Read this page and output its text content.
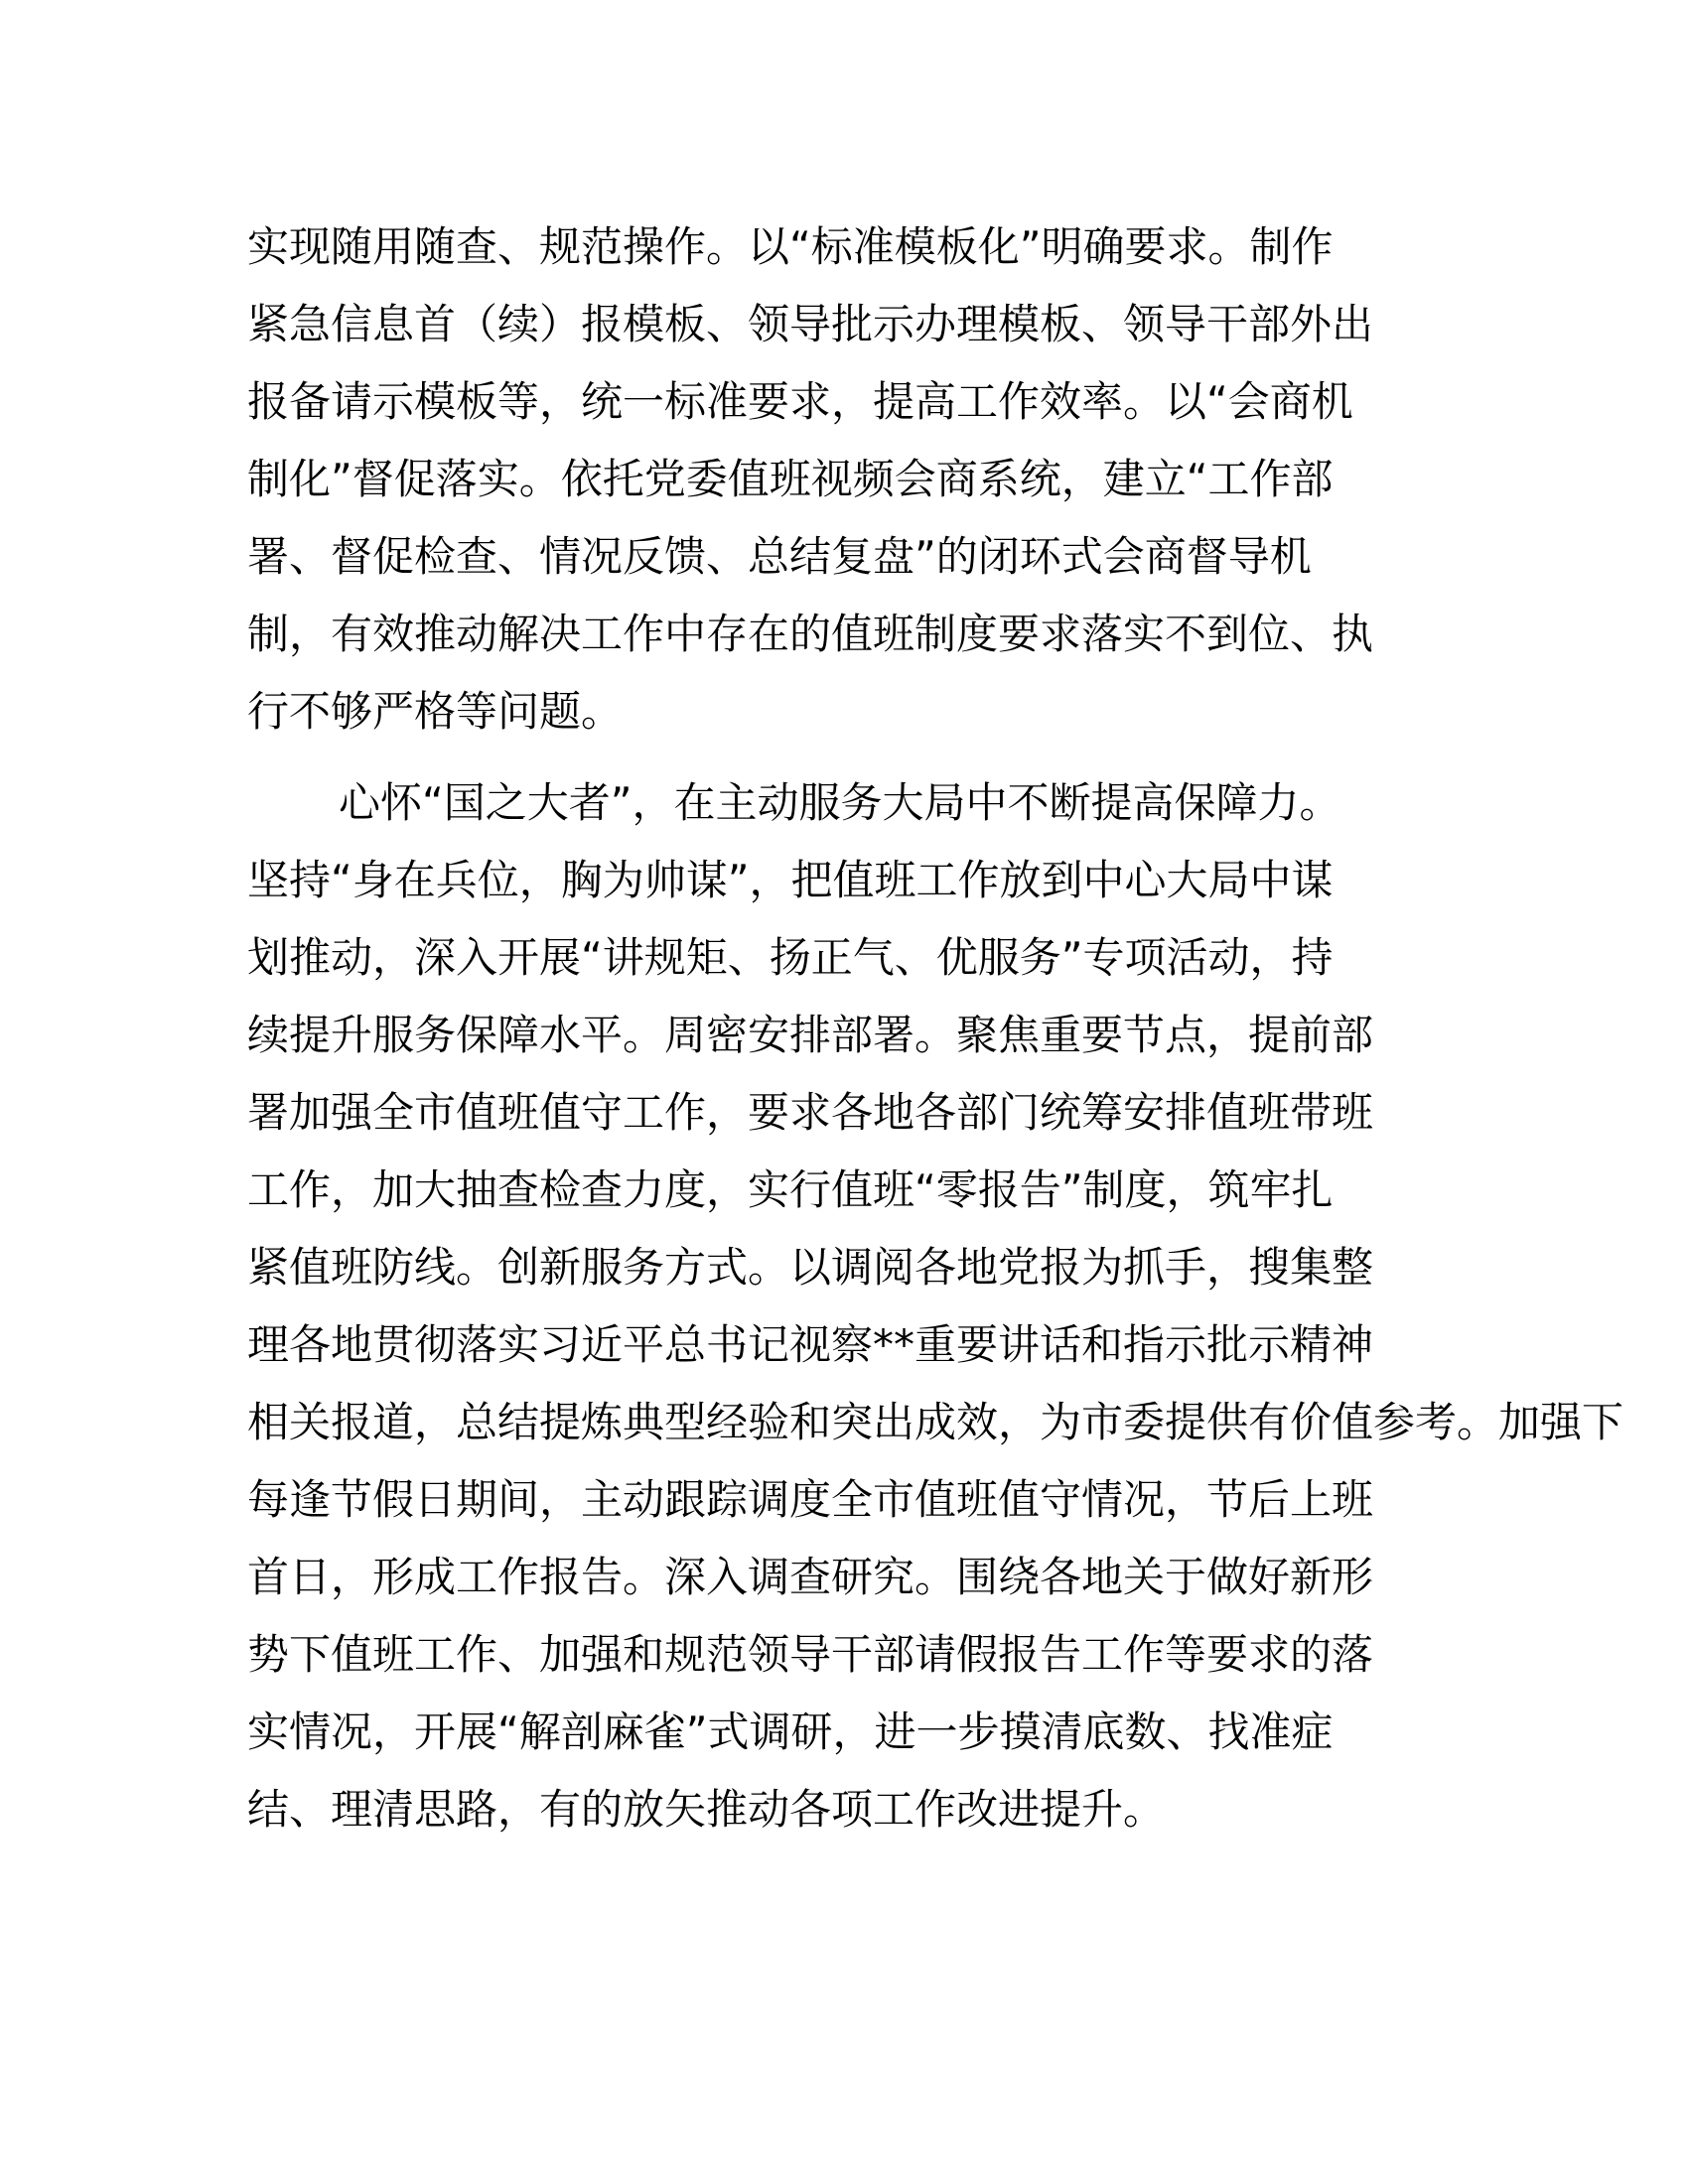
实现随用随查、规范操作。以“标准模板化”明确要求。制作
紧急信息首（续）报模板、领导批示办理模板、领导干部外出
报备请示模板等，统一标准要求，提高工作效率。以“会商机
制化”督促落实。依托党委值班视频会商系统，建立“工作部
署、督促检查、情况反馈、总结复盘”的闭环式会商督导机
制，有效推动解决工作中存在的值班制度要求落实不到位、执
行不够严格等问题。
心怀“国之大者”，在主动服务大局中不断提高保障力。
坚持“身在兵位，胸为帅谋”，把值班工作放到中心大局中谋
划推动，深入开展“讲规矩、扬正气、优服务”专项活动，持
续提升服务保障水平。周密安排部署。聚焦重要节点，提前部
署加强全市值班值守工作，要求各地各部门统筹安排值班带班
工作，加大抽查检查力度，实行值班“零报告”制度，筑牢扎
紧值班防线。创新服务方式。以调阅各地党报为抓手，搜集整
理各地贯彻落实习近平总书记视察**重要讲话和指示批示精神
相关报道，总结提炼典型经验和突出成效，为市委提供有价值参考。加强下
每逢节假日期间，主动跟踪调度全市值班值守情况，节后上班
首日，形成工作报告。深入调查研究。围绕各地关于做好新形
势下值班工作、加强和规范领导干部请假报告工作等要求的落
实情况，开展“解剖麻雀”式调研，进一步摸清底数、找准症
结、理清思路，有的放矢推动各项工作改进提升。
